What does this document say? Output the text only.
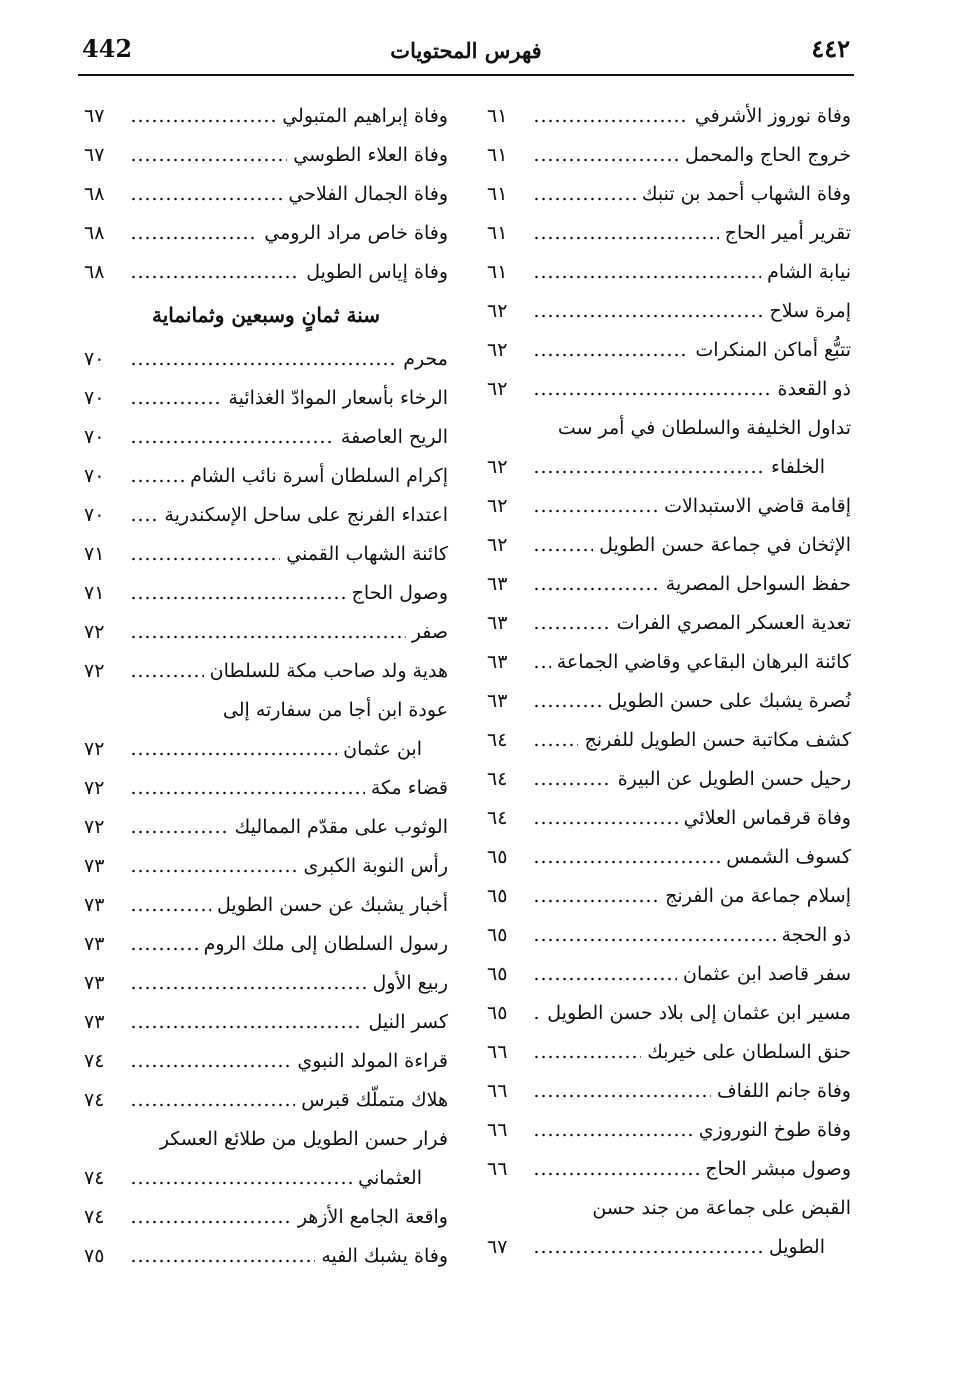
442	فهرس المحتويات	٤٤٢
وفاة نوروز الأشرفي
٦١
خروج الحاج والمحمل
٦١
وفاة الشهاب أحمد بن تنبك
٦١
تقرير أمير الحاج
٦١
نيابة الشام
٦١
إمرة سلاح
٦٢
تتبُّع أماكن المنكرات
٦٢
ذو القعدة
٦٢
تداول الخليفة والسلطان في أمر ست
الخلفاء
٦٢
إقامة قاضي الاستبدالات
٦٢
الإثخان في جماعة حسن الطويل
٦٢
حفظ السواحل المصرية
٦٣
تعدية العسكر المصري الفرات
٦٣
كائنة البرهان البقاعي وقاضي الجماعة
٦٣
نُصرة يشبك على حسن الطويل
٦٣
كشف مكاتبة حسن الطويل للفرنج
٦٤
رحيل حسن الطويل عن البيرة
٦٤
وفاة قرقماس العلائي
٦٤
كسوف الشمس
٦٥
إسلام جماعة من الفرنج
٦٥
ذو الحجة
٦٥
سفر قاصد ابن عثمان
٦٥
مسير ابن عثمان إلى بلاد حسن الطويل
٦٥
حنق السلطان على خيربك
٦٦
وفاة جانم اللفاف
٦٦
وفاة طوخ النوروزي
٦٦
وصول مبشر الحاج
٦٦
القبض على جماعة من جند حسن
الطويل
٦٧
وفاة إبراهيم المتبولي
٦٧
وفاة العلاء الطوسي
٦٧
وفاة الجمال الفلاحي
٦٨
وفاة خاص مراد الرومي
٦٨
وفاة إياس الطويل
٦٨
سنة ثمانٍ وسبعين وثمانماية
محرم
٧٠
الرخاء بأسعار الموادّ الغذائية
٧٠
الريح العاصفة
٧٠
إكرام السلطان أسرة نائب الشام
٧٠
اعتداء الفرنج على ساحل الإسكندرية
٧٠
كائنة الشهاب القمني
٧١
وصول الحاج
٧١
صفر
٧٢
هدية ولد صاحب مكة للسلطان
٧٢
عودة ابن أجا من سفارته إلى
ابن عثمان
٧٢
قضاء مكة
٧٢
الوثوب على مقدّم المماليك
٧٢
رأس النوبة الكبرى
٧٣
أخبار يشبك عن حسن الطويل
٧٣
رسول السلطان إلى ملك الروم
٧٣
ربيع الأول
٧٣
كسر النيل
٧٣
قراءة المولد النبوي
٧٤
هلاك متملّك قبرس
٧٤
فرار حسن الطويل من طلائع العسكر
العثماني
٧٤
واقعة الجامع الأزهر
٧٤
وفاة يشبك الفيه
٧٥
